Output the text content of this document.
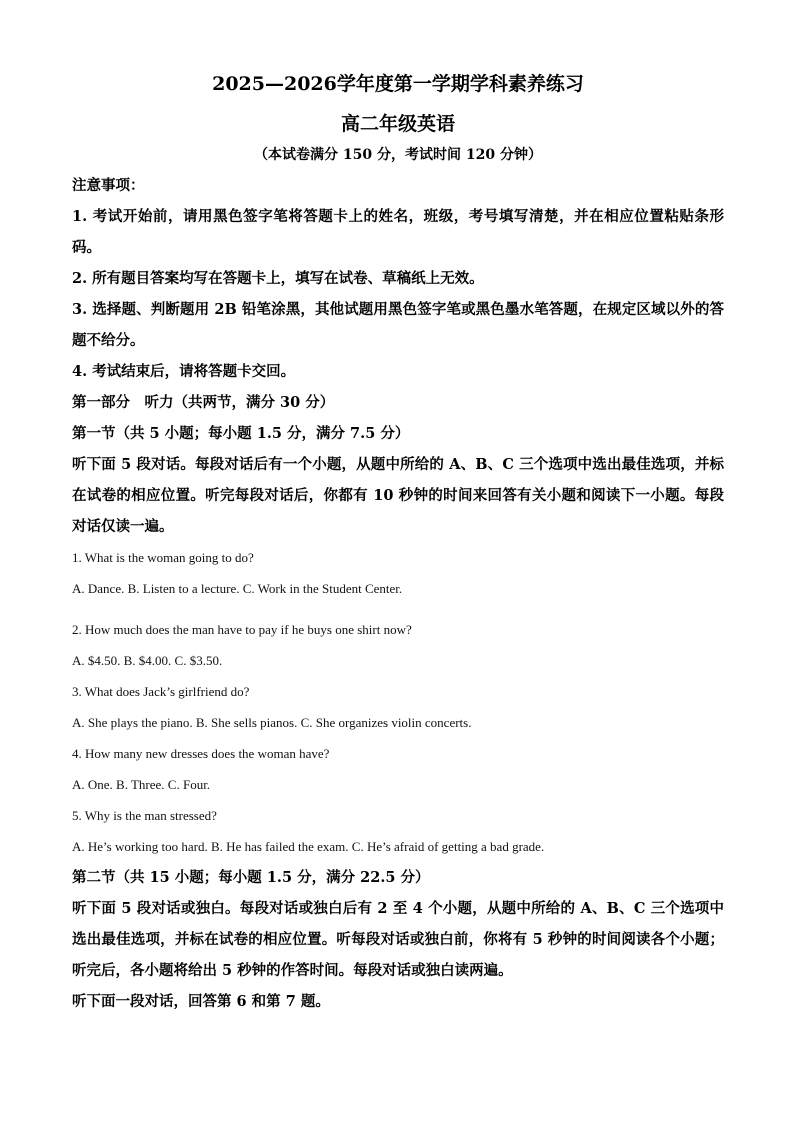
2025—2026学年度第一学期学科素养练习
高二年级英语
（本试卷满分 150 分，考试时间 120 分钟）
注意事项：
1. 考试开始前，请用黑色签字笔将答题卡上的姓名，班级，考号填写清楚，并在相应位置粘贴条形码。
2. 所有题目答案均写在答题卡上，填写在试卷、草稿纸上无效。
3. 选择题、判断题用 2B 铅笔涂黑，其他试题用黑色签字笔或黑色墨水笔答题，在规定区域以外的答题不给分。
4. 考试结束后，请将答题卡交回。
第一部分　听力（共两节，满分 30 分）
第一节（共 5 小题；每小题 1.5 分，满分 7.5 分）
听下面 5 段对话。每段对话后有一个小题，从题中所给的 A、B、C 三个选项中选出最佳选项，并标在试卷的相应位置。听完每段对话后，你都有 10 秒钟的时间来回答有关小题和阅读下一小题。每段对话仅读一遍。
1. What is the woman going to do?
A. Dance. B. Listen to a lecture. C. Work in the Student Center.
2. How much does the man have to pay if he buys one shirt now?
A. $4.50. B. $4.00. C. $3.50.
3. What does Jack’s girlfriend do?
A. She plays the piano. B. She sells pianos. C. She organizes violin concerts.
4. How many new dresses does the woman have?
A. One. B. Three. C. Four.
5. Why is the man stressed?
A. He’s working too hard. B. He has failed the exam. C. He’s afraid of getting a bad grade.
第二节（共 15 小题；每小题 1.5 分，满分 22.5 分）
听下面 5 段对话或独白。每段对话或独白后有 2 至 4 个小题，从题中所给的 A、B、C 三个选项中选出最佳选项，并标在试卷的相应位置。听每段对话或独白前，你将有 5 秒钟的时间阅读各个小题；听完后，各小题将给出 5 秒钟的作答时间。每段对话或独白读两遍。
听下面一段对话，回答第 6 和第 7 题。
